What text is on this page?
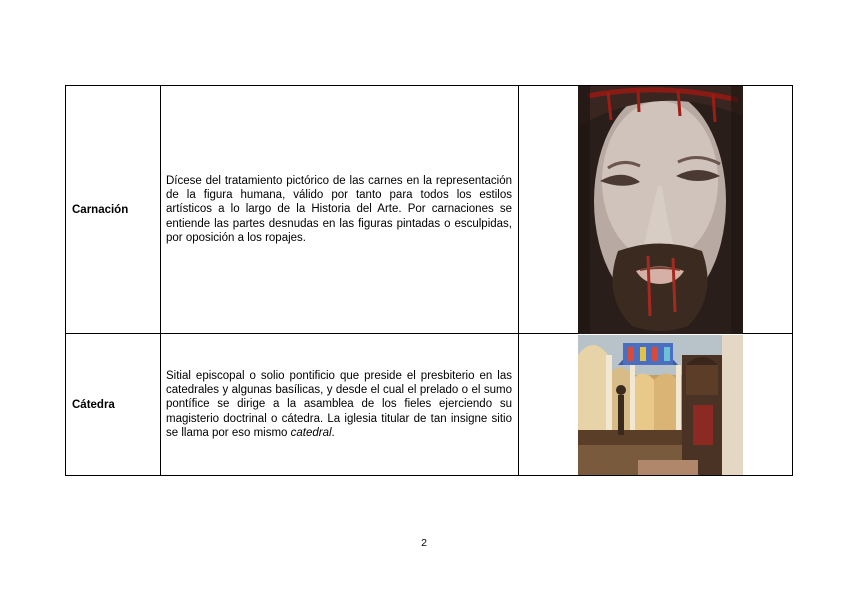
Carnación	Dícese del tratamiento pictórico de las carnes en la representación de la figura humana, válido por tanto para todos los estilos artísticos a lo largo de la Historia del Arte. Por carnaciones se entiende las partes desnudas en las figuras pintadas o esculpidas, por oposición a los ropajes.

Cátedra	Sitial episcopal o solio pontificio que preside el presbiterio en las catedrales y algunas basílicas, y desde el cual el prelado o el sumo pontífice se dirige a la asamblea de los fieles ejerciendo su magisterio doctrinal o cátedra. La iglesia titular de tan insigne sitio se llama por eso mismo catedral.

2
